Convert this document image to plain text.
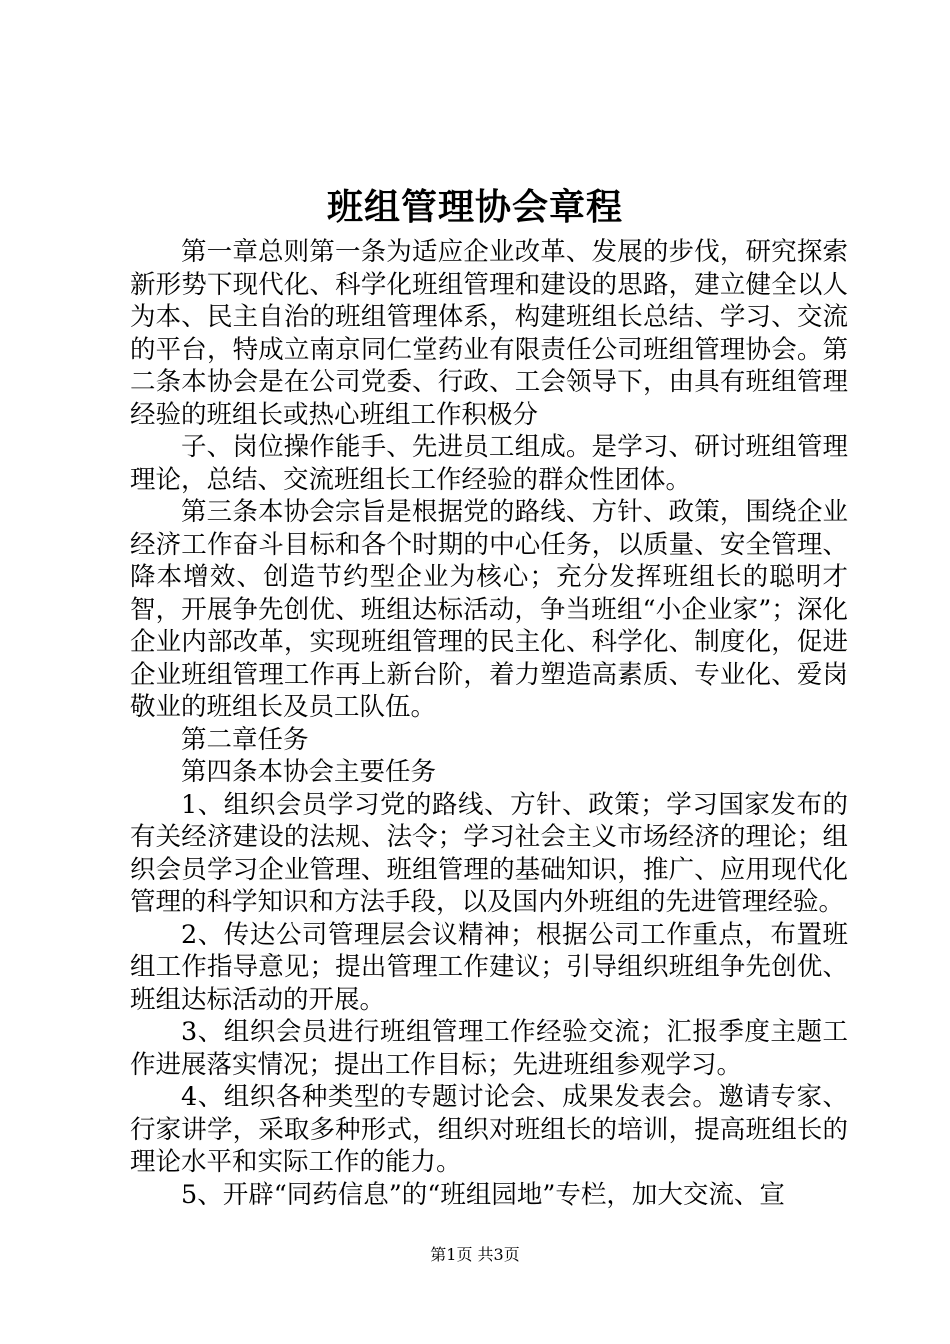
班组管理协会章程

第一章总则第一条为适应企业改革、发展的步伐，研究探索新形势下现代化、科学化班组管理和建设的思路，建立健全以人为本、民主自治的班组管理体系，构建班组长总结、学习、交流的平台，特成立南京同仁堂药业有限责任公司班组管理协会。第二条本协会是在公司党委、行政、工会领导下，由具有班组管理经验的班组长或热心班组工作积极分

子、岗位操作能手、先进员工组成。是学习、研讨班组管理理论，总结、交流班组长工作经验的群众性团体。

第三条本协会宗旨是根据党的路线、方针、政策，围绕企业经济工作奋斗目标和各个时期的中心任务，以质量、安全管理、降本增效、创造节约型企业为核心；充分发挥班组长的聪明才智，开展争先创优、班组达标活动，争当班组“小企业家”；深化企业内部改革，实现班组管理的民主化、科学化、制度化，促进企业班组管理工作再上新台阶，着力塑造高素质、专业化、爱岗敬业的班组长及员工队伍。

第二章任务

第四条本协会主要任务

1、组织会员学习党的路线、方针、政策；学习国家发布的有关经济建设的法规、法令；学习社会主义市场经济的理论；组织会员学习企业管理、班组管理的基础知识，推广、应用现代化管理的科学知识和方法手段，以及国内外班组的先进管理经验。

2、传达公司管理层会议精神；根据公司工作重点，布置班组工作指导意见；提出管理工作建议；引导组织班组争先创优、班组达标活动的开展。

3、组织会员进行班组管理工作经验交流；汇报季度主题工作进展落实情况；提出工作目标；先进班组参观学习。

4、组织各种类型的专题讨论会、成果发表会。邀请专家、行家讲学，采取多种形式，组织对班组长的培训，提高班组长的理论水平和实际工作的能力。

5、开辟“同药信息”的“班组园地”专栏，加大交流、宣

第1页 共3页
